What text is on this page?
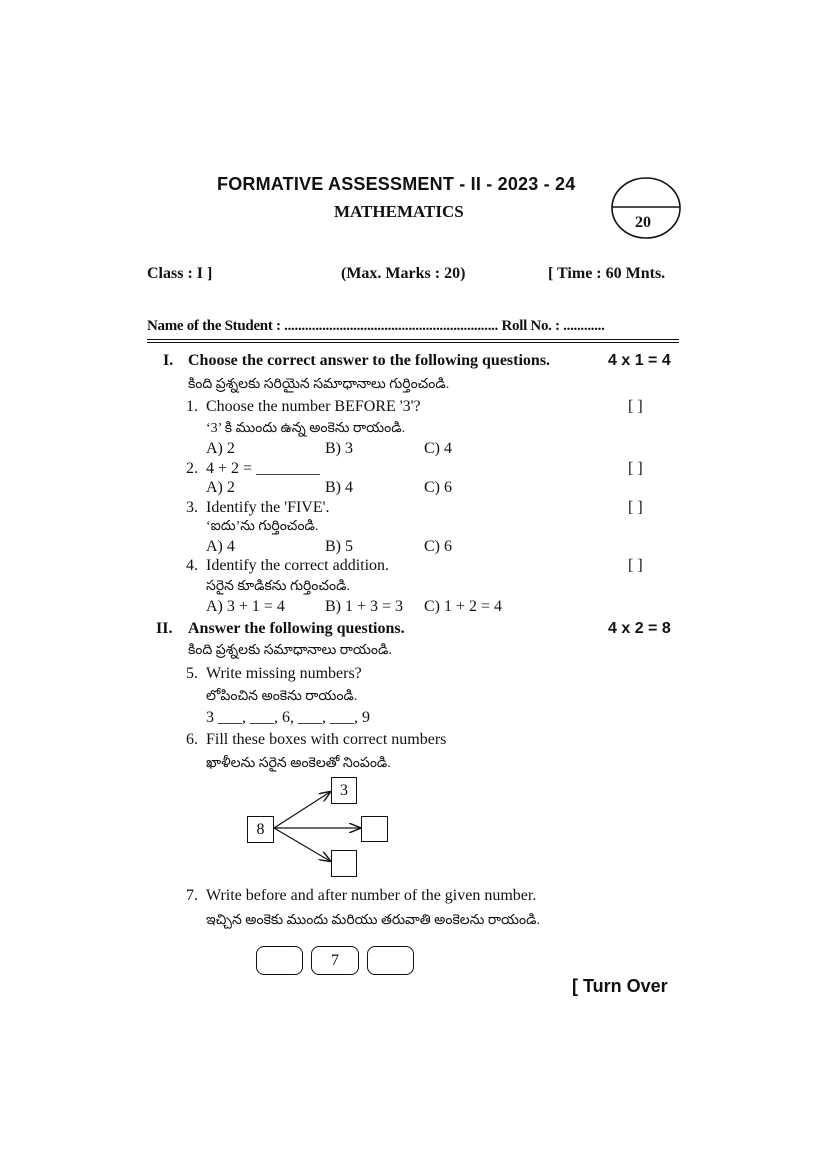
FORMATIVE ASSESSMENT - II - 2023 - 24
MATHEMATICS
20
Class : I ]	(Max. Marks : 20)	[ Time : 60 Mnts.
Name of the Student : .............................................................. Roll No. : ............
I. Choose the correct answer to the following questions.	4 x 1 = 4
కింది ప్రశ్నలకు సరియైన సమాధానాలు గుర్తించండి.
1. Choose the number BEFORE '3'?	[ ]
‘3’ కి ముందు ఉన్న అంకెను రాయండి.
A) 2	B) 3	C) 4
2. 4 + 2 = ________	[ ]
A) 2	B) 4	C) 6
3. Identify the 'FIVE'.	[ ]
‘ఐదు’ను గుర్తించండి.
A) 4	B) 5	C) 6
4. Identify the correct addition.	[ ]
సరైన కూడికను గుర్తించండి.
A) 3 + 1 = 4	B) 1 + 3 = 3 C) 1 + 2 = 4
II. Answer the following questions.	4 x 2 = 8
కింది ప్రశ్నలకు సమాధానాలు రాయండి.
5. Write missing numbers?
లోపించిన అంకెను రాయండి.
3 ___, ___, 6, ___, ___, 9
6. Fill these boxes with correct numbers
ఖాళీలను సరైన అంకెలతో నింపండి.
8
3
7. Write before and after number of the given number.
ఇచ్చిన అంకెకు ముందు మరియు తరువాతి అంకెలను రాయండి.
7
[ Turn Over
